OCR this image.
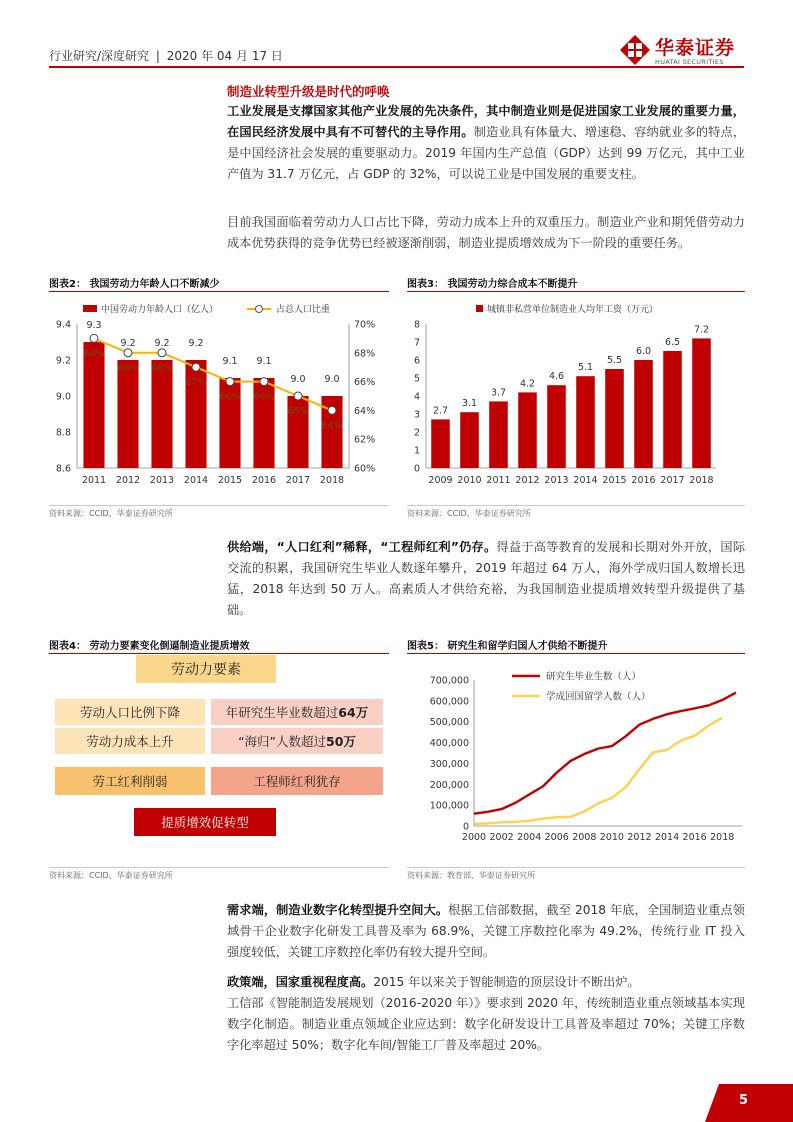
行业研究/深度研究 | 2020 年 04 月 17 日	华泰证券
HUATAI SECURITIES
制造业转型升级是时代的呼唤

工业发展是支撑国家其他产业发展的先决条件，其中制造业则是促进国家工业发展的重要力量，在国民经济发展中具有不可替代的主导作用。制造业具有体量大、增速稳、容纳就业多的特点，是中国经济社会发展的重要驱动力。2019 年国内生产总值（GDP）达到 99 万亿元，其中工业产值为 31.7 万亿元，占 GDP 的 32%，可以说工业是中国发展的重要支柱。

目前我国面临着劳动力人口占比下降，劳动力成本上升的双重压力。制造业产业和期凭借劳动力成本优势获得的竞争优势已经被逐渐削弱，制造业提质增效成为下一阶段的重要任务。

图表2： 我国劳动力年龄人口不断减少
中国劳动力年龄人口（亿人）	占总人口比重
8.6
8.8
9.0
9.2
9.4
60%
62%
64%
66%
68%
70%
9.3
2011
9.2
2012
9.2
2013
9.2
2014
9.1
2015
9.1
2016
9.0
2017
9.0
2018
69%
68% 68%
67%
66% 66%
65%
64%
资料来源：CCID、华泰证券研究所
图表3： 我国劳动力综合成本不断提升
城镇非私营单位制造业人均年工资（万元）
0
1
2
3
4
5
6
7
8
2.7
2009
3.1
2010
3.7
2011
4.2
2012
4.6
2013
5.1
2014
5.5
2015
6.0
2016
6.5
2017
7.2
2018
资料来源：CCID、华泰证券研究所

供给端，“人口红利”稀释，“工程师红利”仍存。得益于高等教育的发展和长期对外开放，国际交流的积累，我国研究生毕业人数逐年攀升，2019 年超过 64 万人，海外学成归国人数增长迅猛，2018 年达到 50 万人。高素质人才供给充裕，为我国制造业提质增效转型升级提供了基础。

图表4： 劳动力要素变化倒逼制造业提质增效
劳动力要素
劳动人口比例下降	年研究生毕业数超过 64万
劳动力成本上升	“海归”人数超过 50万
劳工红利削弱	工程师红利犹存
提质增效促转型
资料来源：CCID、华泰证券研究所
图表5： 研究生和留学归国人才供给不断提升
0
100,000
200,000
300,000
400,000
500,000
600,000
700,000
2000 2002 2004 2006 2008 2010 2012 2014 2016 2018
研究生毕业生数（人）
学成回国留学人数（人）
资料来源：教育部、华泰证券研究所

需求端，制造业数字化转型提升空间大。根据工信部数据，截至 2018 年底，全国制造业重点领域骨干企业数字化研发工具普及率为 68.9%，关键工序数控化率为 49.2%，传统行业 IT 投入强度较低，关键工序数控化率仍有较大提升空间。

政策端，国家重视程度高。2015 年以来关于智能制造的顶层设计不断出炉。

工信部《智能制造发展规划（2016-2020 年）》要求到 2020 年，传统制造业重点领域基本实现数字化制造。制造业重点领域企业应达到：数字化研发设计工具普及率超过 70%；关键工序数字化率超过 50%；数字化车间/智能工厂普及率超过 20%。

5
